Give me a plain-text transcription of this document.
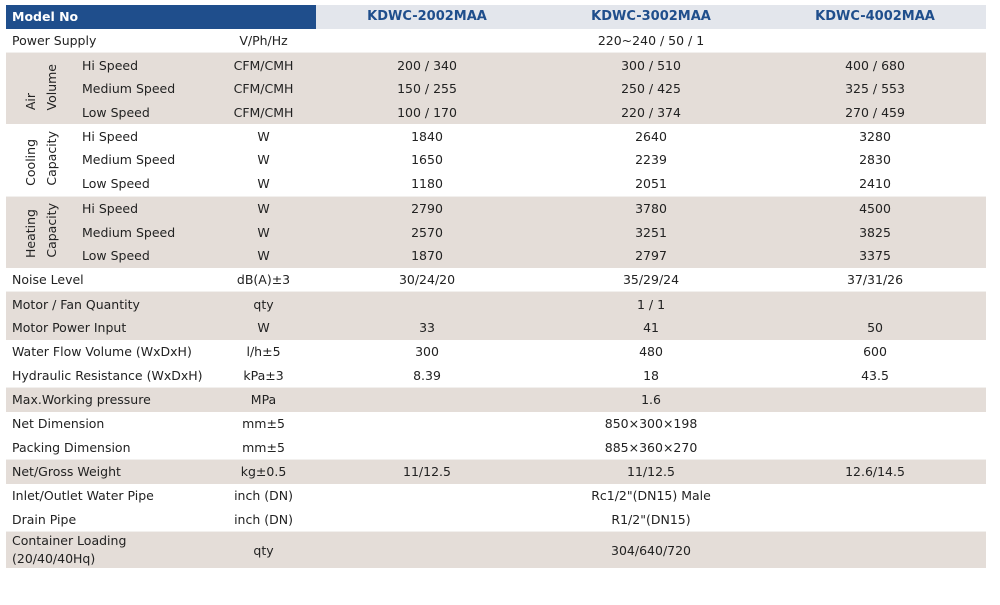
Model No			KDWC-2002MAA	KDWC-3002MAA	KDWC-4002MAA
Power Supply		V/Ph/Hz	220~240 / 50 / 1		
Air Volume	Hi Speed	CFM/CMH	200 / 340	300 / 510	400 / 680
	Medium Speed	CFM/CMH	150 / 255	250 / 425	325 / 553
	Low Speed	CFM/CMH	100 / 170	220 / 374	270 / 459
Cooling Capacity	Hi Speed	W	1840	2640	3280
	Medium Speed	W	1650	2239	2830
	Low Speed	W	1180	2051	2410
Heating Capacity	Hi Speed	W	2790	3780	4500
	Medium Speed	W	2570	3251	3825
	Low Speed	W	1870	2797	3375
Noise Level		dB(A)±3	30/24/20	35/29/24	37/31/26
Motor / Fan Quantity		qty	1 / 1		
Motor Power Input		W	33	41	50
Water Flow Volume (WxDxH)		l/h±5	300	480	600
Hydraulic Resistance (WxDxH)		kPa±3	8.39	18	43.5
Max.Working pressure		MPa	1.6		
Net Dimension		mm±5	850×300×198		
Packing Dimension		mm±5	885×360×270		
Net/Gross Weight		kg±0.5	11/12.5	11/12.5	12.6/14.5
Inlet/Outlet Water Pipe		inch (DN)	Rc1/2"(DN15) Male		
Drain Pipe		inch (DN)	R1/2"(DN15)		
Container Loading
(20/40/40Hq)		qty	304/640/720		
